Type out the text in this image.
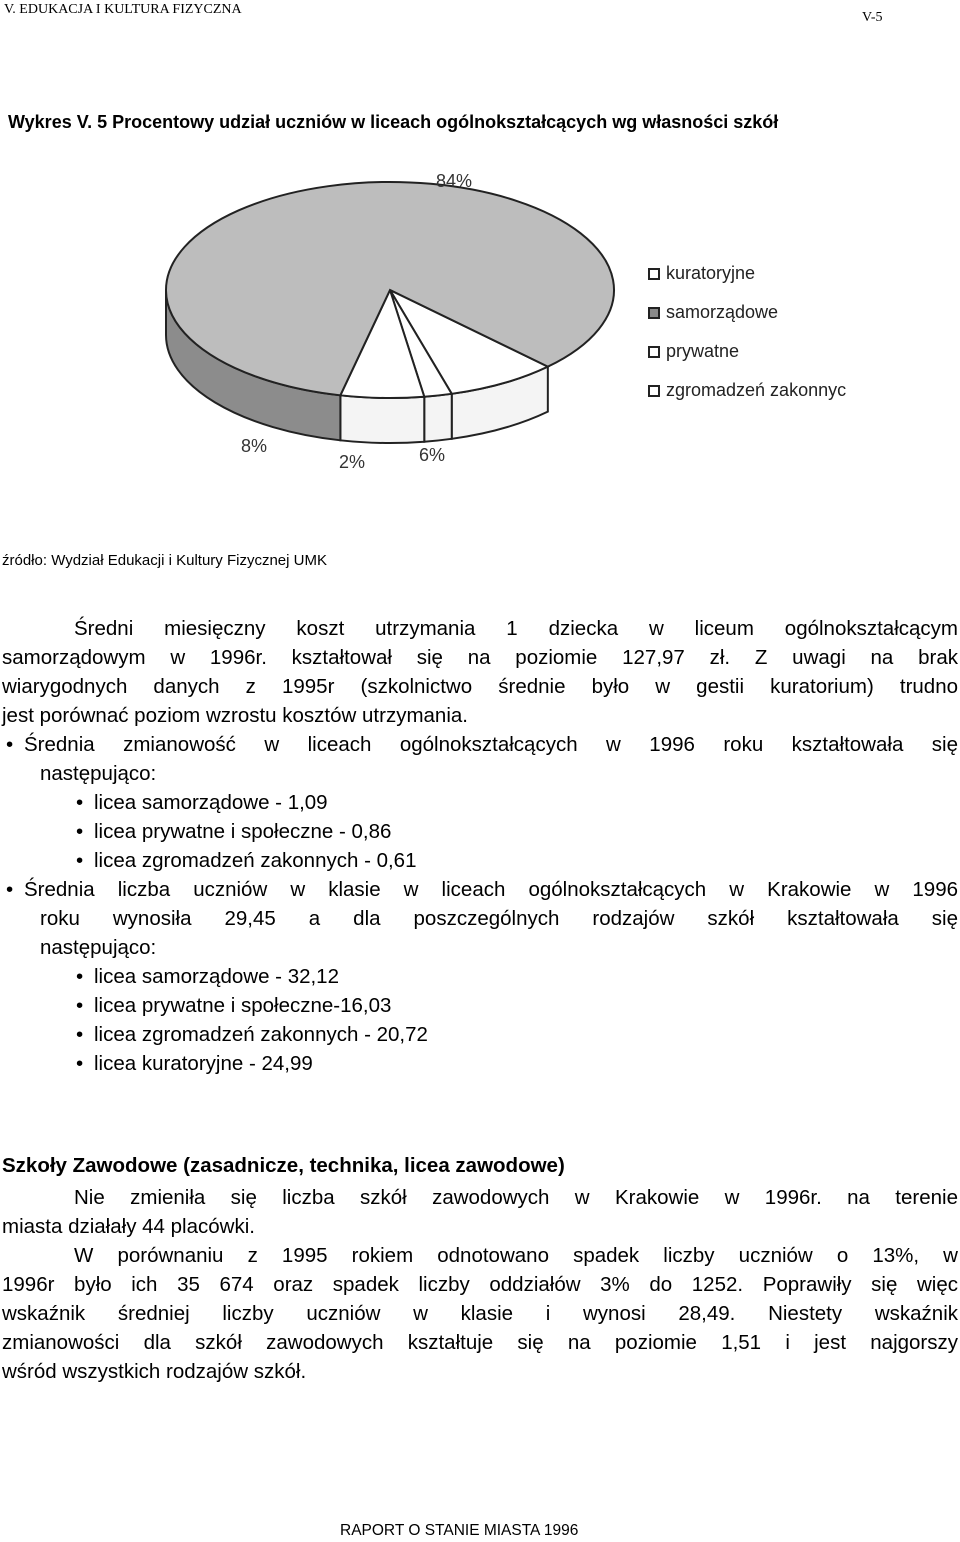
V. EDUKACJA I KULTURA FIZYCZNA
V-5
Wykres V. 5 Procentowy udział uczniów w liceach ogólnokształcących wg własności szkół
8%
84%
6%
2%
kuratoryjne
samorządowe
prywatne
zgromadzeń zakonnyc
źródło: Wydział Edukacji i Kultury Fizycznej UMK
Średni miesięczny koszt utrzymania 1 dziecka w liceum ogólnokształcącym
samorządowym w 1996r. kształtował się na poziomie 127,97 zł. Z uwagi na brak
wiarygodnych danych z 1995r (szkolnictwo średnie było w gestii kuratorium) trudno
jest porównać poziom wzrostu kosztów utrzymania.
• Średnia zmianowość w liceach ogólnokształcących w 1996 roku kształtowała się
następująco:
• licea samorządowe - 1,09
• licea prywatne i społeczne - 0,86
• licea zgromadzeń zakonnych - 0,61
• Średnia liczba uczniów w klasie w liceach ogólnokształcących w Krakowie w 1996
roku wynosiła 29,45 a dla poszczególnych rodzajów szkół kształtowała się
następująco:
• licea samorządowe - 32,12
• licea prywatne i społeczne-16,03
• licea zgromadzeń zakonnych - 20,72
• licea kuratoryjne - 24,99
Szkoły Zawodowe (zasadnicze, technika, licea zawodowe)
Nie zmieniła się liczba szkół zawodowych w Krakowie w 1996r. na terenie
miasta działały 44 placówki.
W porównaniu z 1995 rokiem odnotowano spadek liczby uczniów o 13%, w
1996r było ich 35 674 oraz spadek liczby oddziałów 3% do 1252. Poprawiły się więc
wskaźnik średniej liczby uczniów w klasie i wynosi 28,49. Niestety wskaźnik
zmianowości dla szkół zawodowych kształtuje się na poziomie 1,51 i jest najgorszy
wśród wszystkich rodzajów szkół.
RAPORT O STANIE MIASTA 1996
